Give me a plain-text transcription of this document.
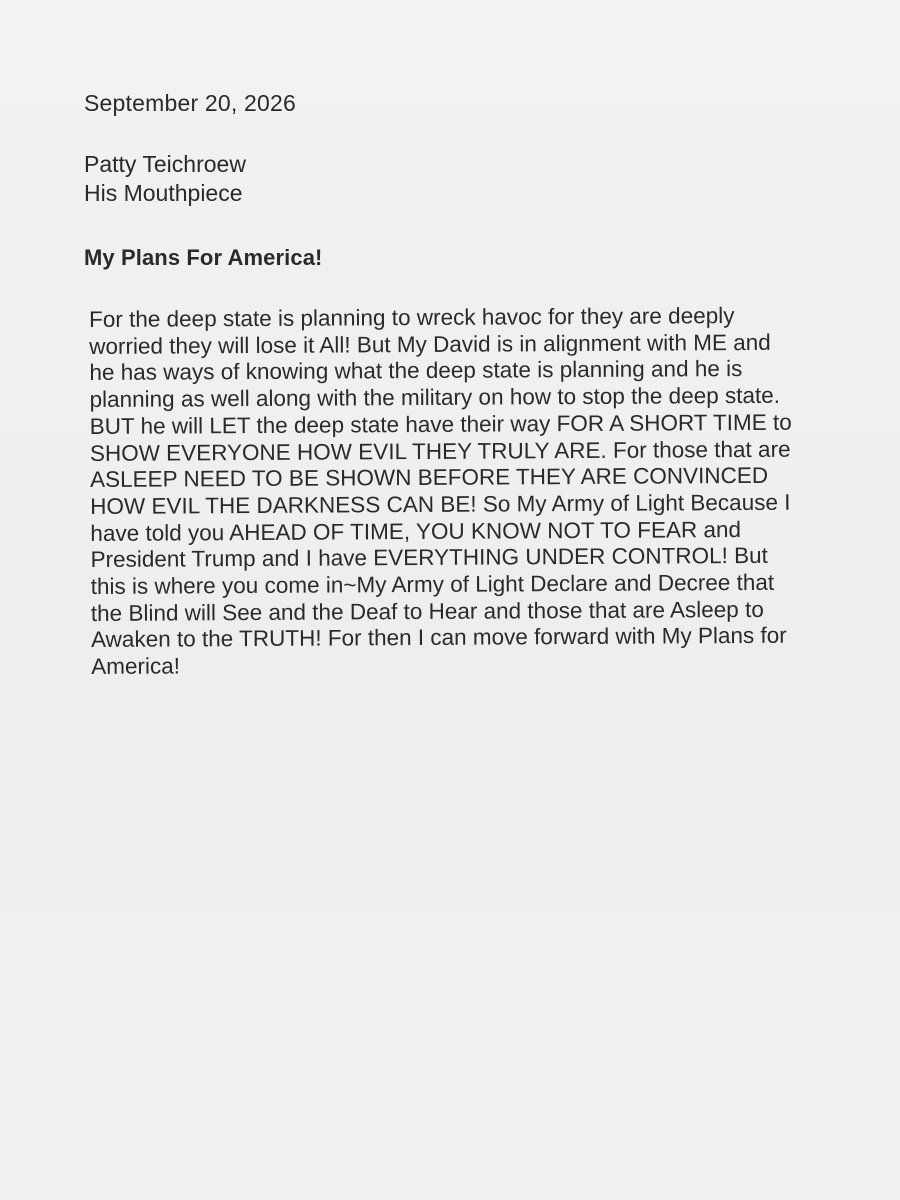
September 20, 2026
Patty Teichroew
His Mouthpiece
My Plans For America!
For the deep state is planning to wreck havoc for they are deeply
worried they will lose it All! But My David is in alignment with ME and
he has ways of knowing what the deep state is planning and he is
planning as well along with the military on how to stop the deep state.
BUT he will LET the deep state have their way FOR A SHORT TIME to
SHOW EVERYONE HOW EVIL THEY TRULY ARE. For those that are
ASLEEP NEED TO BE SHOWN BEFORE THEY ARE CONVINCED
HOW EVIL THE DARKNESS CAN BE! So My Army of Light Because I
have told you AHEAD OF TIME, YOU KNOW NOT TO FEAR and
President Trump and I have EVERYTHING UNDER CONTROL! But
this is where you come in~My Army of Light Declare and Decree that
the Blind will See and the Deaf to Hear and those that are Asleep to
Awaken to the TRUTH! For then I can move forward with My Plans for
America!
